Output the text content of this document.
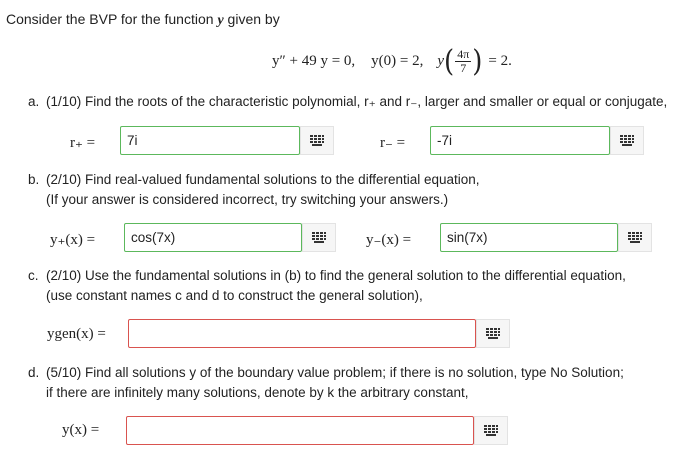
Consider the BVP for the function y given by
y″ + 49 y = 0, y(0) = 2, y ( $\frac{4\pi}{7}$ ) = 2.
a. (1/10) Find the roots of the characteristic polynomial, r₊ and r₋, larger and smaller or equal or conjugate,
r₊ =	7i	r₋ =	-7i
b. (2/10) Find real-valued fundamental solutions to the differential equation,
(If your answer is considered incorrect, try switching your answers.)
y₊(x) =	cos(7x)	y₋(x) =	sin(7x)
c. (2/10) Use the fundamental solutions in (b) to find the general solution to the differential equation,
(use constant names c and d to construct the general solution),
ygen(x) =
d. (5/10) Find all solutions y of the boundary value problem; if there is no solution, type No Solution;
if there are infinitely many solutions, denote by k the arbitrary constant,
y(x) =
